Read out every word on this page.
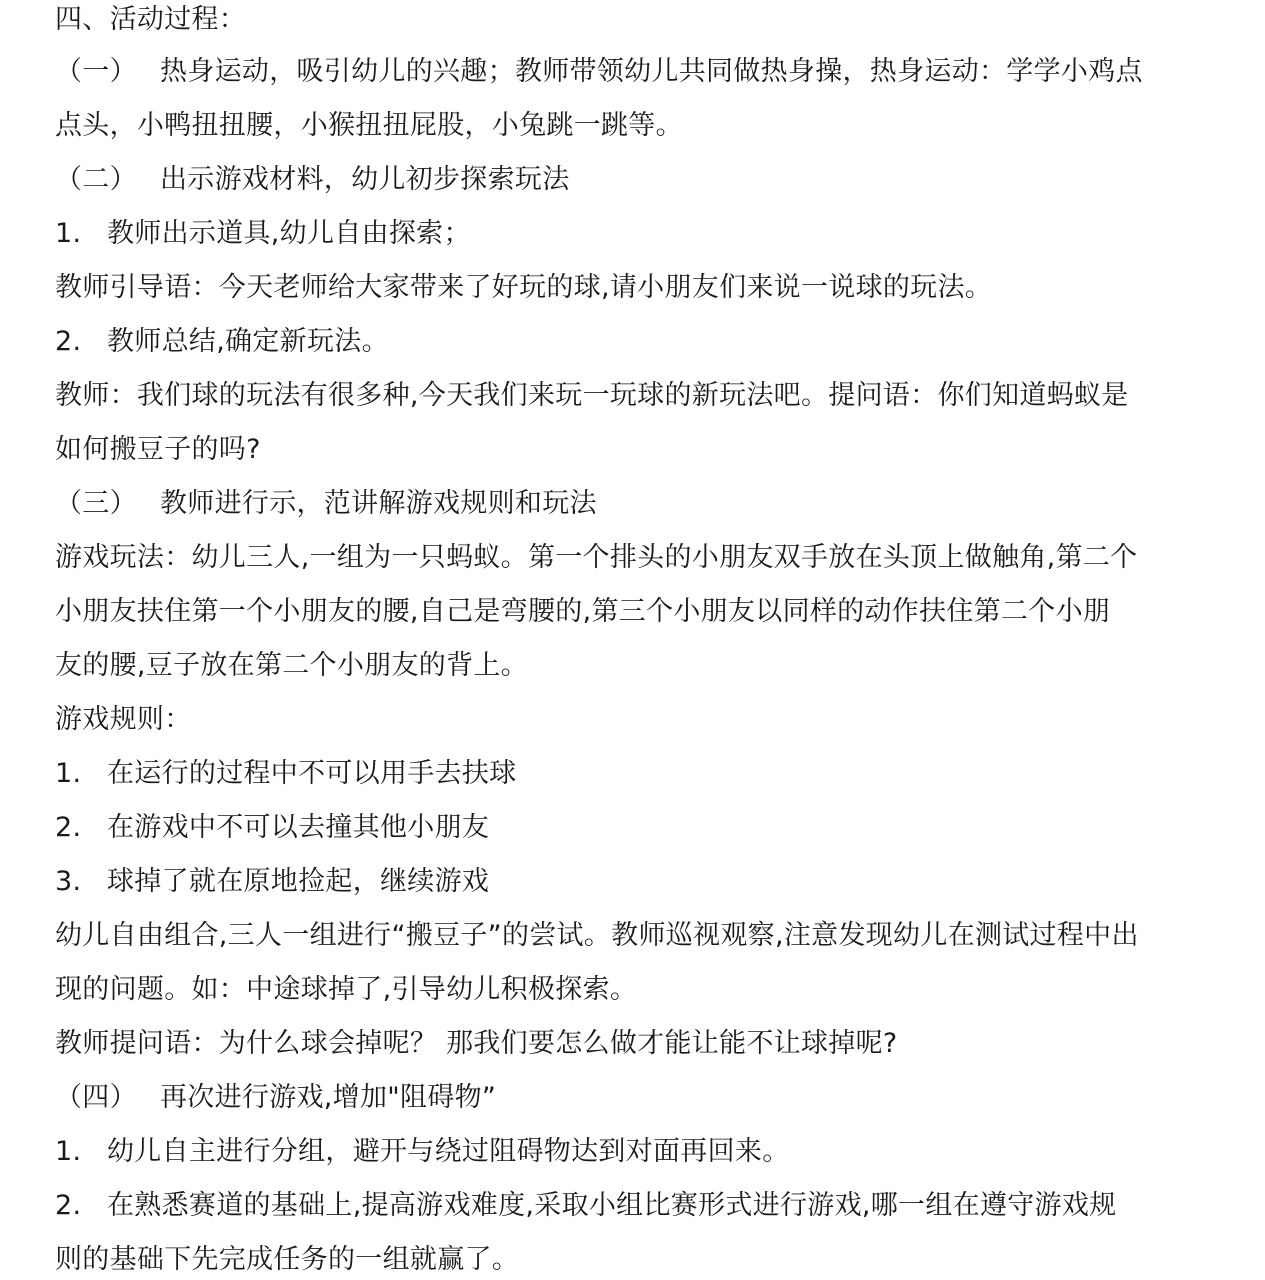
四、活动过程：
（一） 热身运动，吸引幼儿的兴趣；教师带领幼儿共同做热身操，热身运动：学学小鸡点
点头，小鸭扭扭腰，小猴扭扭屁股，小兔跳一跳等。
（二） 出示游戏材料，幼儿初步探索玩法
1. 教师出示道具,幼儿自由探索；
教师引导语：今天老师给大家带来了好玩的球,请小朋友们来说一说球的玩法。
2. 教师总结,确定新玩法。
教师：我们球的玩法有很多种,今天我们来玩一玩球的新玩法吧。提问语：你们知道蚂蚁是
如何搬豆子的吗?
（三） 教师进行示，范讲解游戏规则和玩法
游戏玩法：幼儿三人,一组为一只蚂蚁。第一个排头的小朋友双手放在头顶上做触角,第二个
小朋友扶住第一个小朋友的腰,自己是弯腰的,第三个小朋友以同样的动作扶住第二个小朋
友的腰,豆子放在第二个小朋友的背上。
游戏规则：
1. 在运行的过程中不可以用手去扶球
2. 在游戏中不可以去撞其他小朋友
3. 球掉了就在原地捡起，继续游戏
幼儿自由组合,三人一组进行“搬豆子”的尝试。教师巡视观察,注意发现幼儿在测试过程中出
现的问题。如：中途球掉了,引导幼儿积极探索。
教师提问语：为什么球会掉呢？ 那我们要怎么做才能让能不让球掉呢?
（四） 再次进行游戏,增加"阻碍物”
1. 幼儿自主进行分组，避开与绕过阻碍物达到对面再回来。
2. 在熟悉赛道的基础上,提高游戏难度,采取小组比赛形式进行游戏,哪一组在遵守游戏规
则的基础下先完成任务的一组就赢了。
